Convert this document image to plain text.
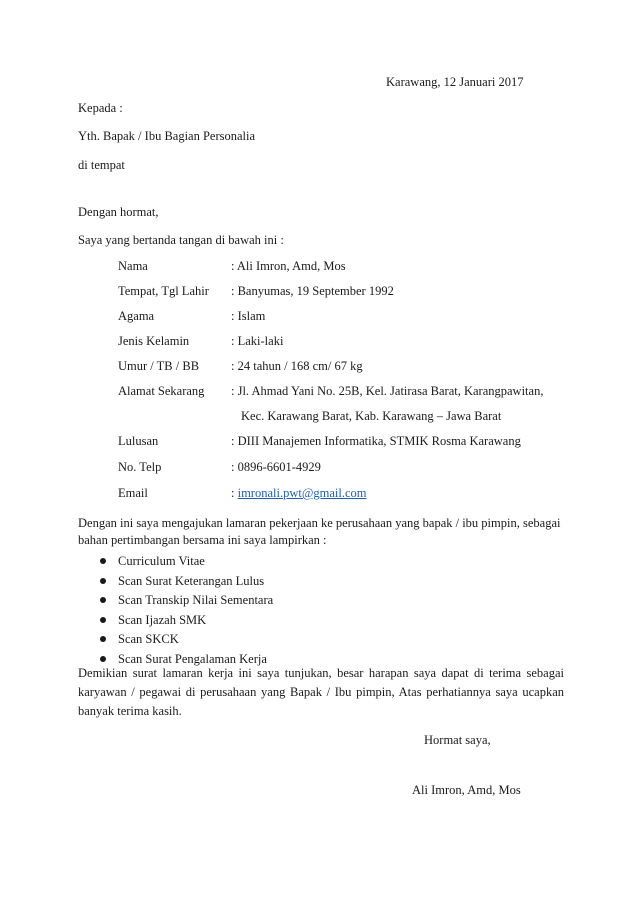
Karawang, 12 Januari 2017
Kepada :
Yth. Bapak / Ibu Bagian Personalia
di tempat
Dengan hormat,
Saya yang bertanda tangan di bawah ini :
Nama	: Ali Imron, Amd, Mos
Tempat, Tgl Lahir : Banyumas, 19 September 1992
Agama	: Islam
Jenis Kelamin	: Laki-laki
Umur / TB / BB	: 24 tahun / 168 cm/ 67 kg
Alamat Sekarang : Jl. Ahmad Yani No. 25B, Kel. Jatirasa Barat, Karangpawitan,
Kec. Karawang Barat, Kab. Karawang – Jawa Barat
Lulusan	: DIII Manajemen Informatika, STMIK Rosma Karawang
No. Telp	: 0896-6601-4929
Email	: imronali.pwt@gmail.com
Dengan ini saya mengajukan lamaran pekerjaan ke perusahaan yang bapak / ibu pimpin, sebagai bahan pertimbangan bersama ini saya lampirkan :
Curriculum Vitae
Scan Surat Keterangan Lulus
Scan Transkip Nilai Sementara
Scan Ijazah SMK
Scan SKCK
Scan Surat Pengalaman Kerja
Demikian surat lamaran kerja ini saya tunjukan, besar harapan saya dapat di terima sebagai karyawan / pegawai di perusahaan yang Bapak / Ibu pimpin, Atas perhatiannya saya ucapkan banyak terima kasih.
Hormat saya,
Ali Imron, Amd, Mos
